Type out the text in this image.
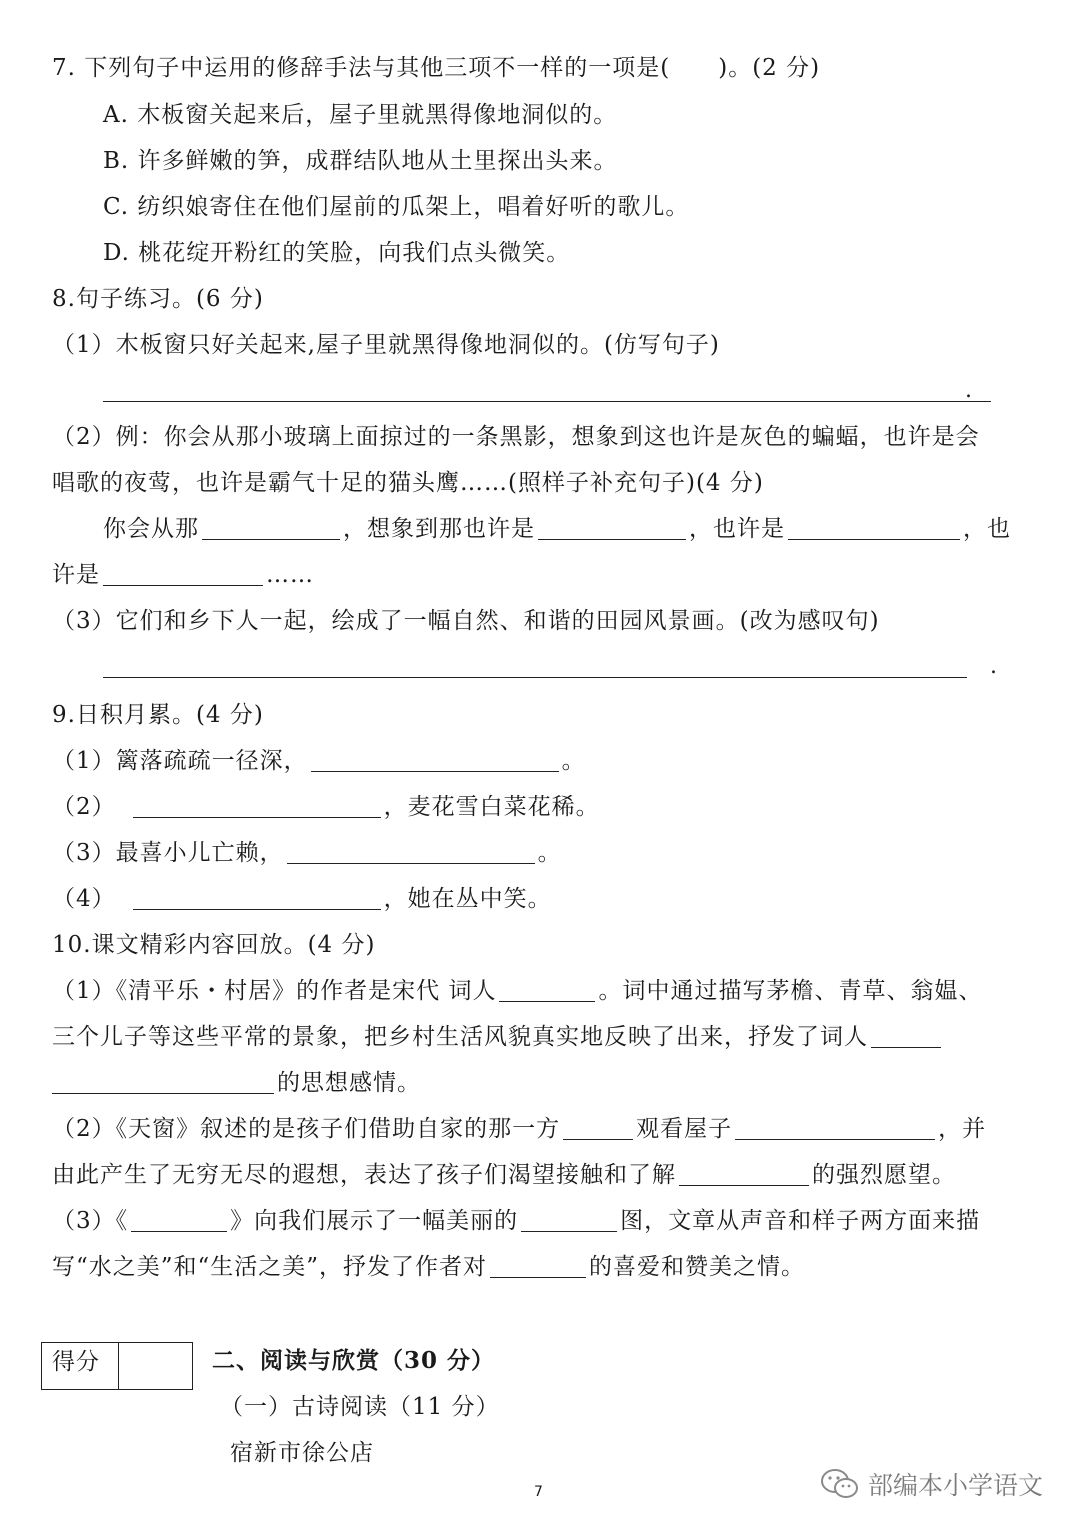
7. 下列句子中运用的修辞手法与其他三项不一样的一项是( )。(2 分)
A. 木板窗关起来后，屋子里就黑得像地洞似的。
B. 许多鲜嫩的笋，成群结队地从土里探出头来。
C. 纺织娘寄住在他们屋前的瓜架上，唱着好听的歌儿。
D. 桃花绽开粉红的笑脸，向我们点头微笑。
8.句子练习。(6 分)
（1）木板窗只好关起来,屋子里就黑得像地洞似的。(仿写句子)
.
（2）例：你会从那小玻璃上面掠过的一条黑影，想象到这也许是灰色的蝙蝠，也许是会
唱歌的夜莺，也许是霸气十足的猫头鹰……(照样子补充句子)(4 分)
你会从那	，想象到那也许是	，也许是	，也
许是	……
（3）它们和乡下人一起，绘成了一幅自然、和谐的田园风景画。(改为感叹句)
.
9.日积月累。(4 分)
（1）篱落疏疏一径深，	。
（2）	，麦花雪白菜花稀。
（3）最喜小儿亡赖，	。
（4）	，她在丛中笑。
10.课文精彩内容回放。(4 分)
（1）《清平乐・村居》的作者是宋代 词人	。词中通过描写茅檐、青草、翁媪、
三个儿子等这些平常的景象，把乡村生活风貌真实地反映了出来，抒发了词人
的思想感情。
（2）《天窗》叙述的是孩子们借助自家的那一方	观看屋子	，并
由此产生了无穷无尽的遐想，表达了孩子们渴望接触和了解	的强烈愿望。
（3）《	》向我们展示了一幅美丽的	图，文章从声音和样子两方面来描
写“水之美”和“生活之美”，抒发了作者对	的喜爱和赞美之情。
得分	二、阅读与欣赏（30 分）
（一）古诗阅读（11 分）
宿新市徐公店
7	部编本小学语文
